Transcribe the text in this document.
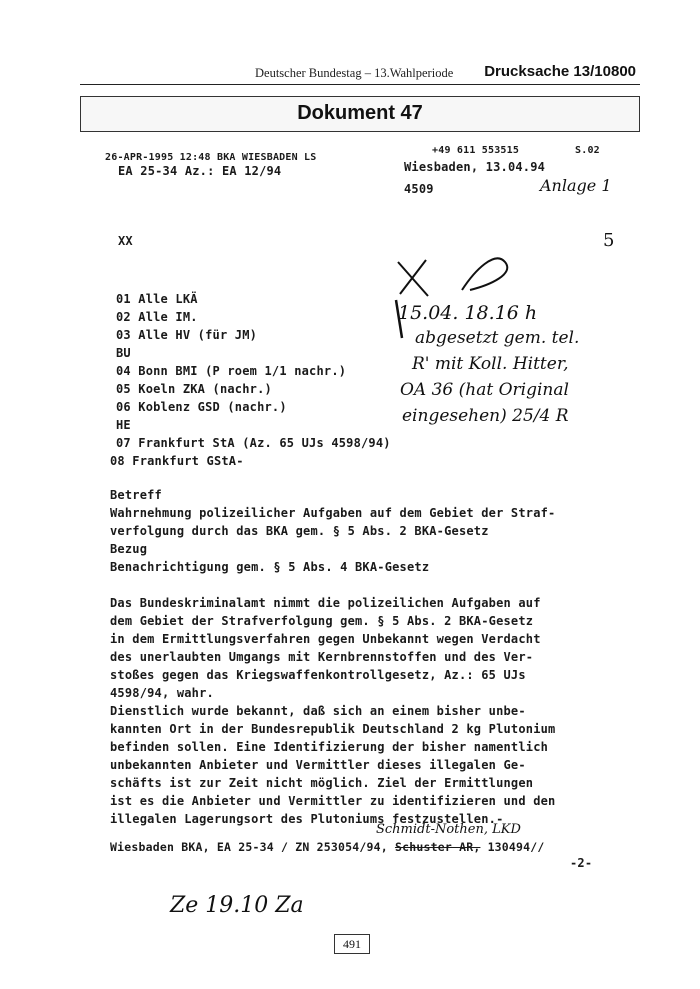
Deutscher Bundestag – 13.Wahlperiode Drucksache 13/10800
Dokument 47
26-APR-1995 12:48 BKA WIESBADEN LS
+49 611 553515	S.02
EA 25-34 Az.: EA 12/94	Wiesbaden, 13.04.94
4509	Anlage 1
XX	5
01 Alle LKÄ
02 Alle IM.
03 Alle HV (für JM)
BU
04 Bonn BMI (P roem 1/1 nachr.)
05 Koeln ZKA (nachr.)
06 Koblenz GSD (nachr.)
HE
07 Frankfurt StA (Az. 65 UJs 4598/94)
08 Frankfurt GStA-
15.04. 18.16 h
abgesetzt gem. tel.
R' mit Koll. Hitter,
OA 36 (hat Original
eingesehen) 25/4 R
Betreff
Wahrnehmung polizeilicher Aufgaben auf dem Gebiet der Straf-
verfolgung durch das BKA gem. § 5 Abs. 2 BKA-Gesetz
Bezug
Benachrichtigung gem. § 5 Abs. 4 BKA-Gesetz
Das Bundeskriminalamt nimmt die polizeilichen Aufgaben auf
dem Gebiet der Strafverfolgung gem. § 5 Abs. 2 BKA-Gesetz
in dem Ermittlungsverfahren gegen Unbekannt wegen Verdacht
des unerlaubten Umgangs mit Kernbrennstoffen und des Ver-
stoßes gegen das Kriegswaffenkontrollgesetz, Az.: 65 UJs
4598/94, wahr.
Dienstlich wurde bekannt, daß sich an einem bisher unbe-
kannten Ort in der Bundesrepublik Deutschland 2 kg Plutonium
befinden sollen. Eine Identifizierung der bisher namentlich
unbekannten Anbieter und Vermittler dieses illegalen Ge-
schäfts ist zur Zeit nicht möglich. Ziel der Ermittlungen
ist es die Anbieter und Vermittler zu identifizieren und den
illegalen Lagerungsort des Plutoniums festzustellen.-
Schmidt-Nothen, LKD
Wiesbaden BKA, EA 25-34 / ZN 253054/94, Schuster AR, 130494//
-2-
Ze 19.10 Za
491
